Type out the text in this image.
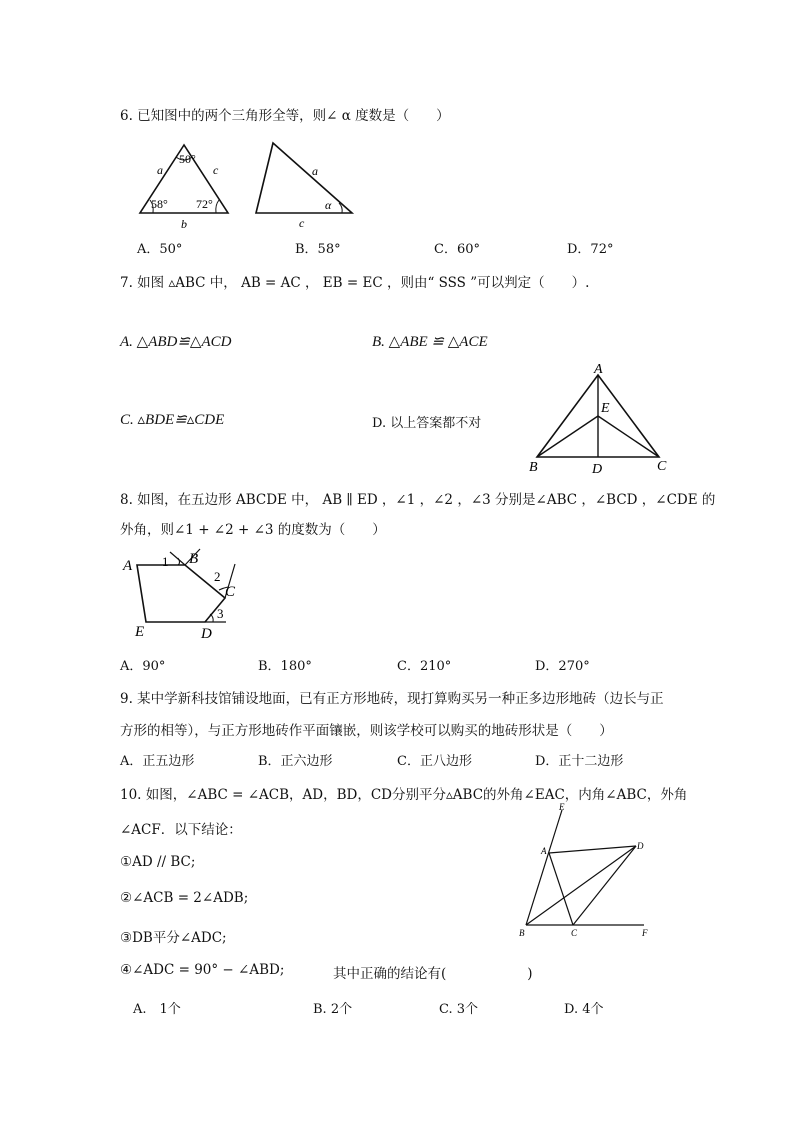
6. 已知图中的两个三角形全等，则∠ α 度数是（　　）
50°
58° 72°
a	c
b
a
c
α
A．50°	B．58°	C．60°	D．72°
7. 如图 ▵ABC 中， AB = AC ， EB = EC ，则由“ SSS ”可以判定（　　）.
A. △ABD≌△ACD	B. △ABE ≌ △ACE
C. ▵BDE≌▵CDE	D. 以上答案都不对
A
E
B	D	C
8. 如图，在五边形 ABCDE 中， AB ∥ ED ，∠1 ，∠2 ，∠3 分别是∠ABC ，∠BCD ，∠CDE 的
外角，则∠1 + ∠2 + ∠3 的度数为（　　）
A	B
C
D
E
1
2
3
A．90°	B．180°	C．210°	D．270°
9. 某中学新科技馆铺设地面，已有正方形地砖，现打算购买另一种正多边形地砖（边长与正
方形的相等），与正方形地砖作平面镶嵌，则该学校可以购买的地砖形状是（　　）
A．正五边形	B．正六边形	C．正八边形	D．正十二边形
10. 如图，∠ABC = ∠ACB，AD，BD，CD分别平分▵ABC的外角∠EAC，内角∠ABC，外角
∠ACF．以下结论：
①AD // BC;
②∠ACB = 2∠ADB;
③DB平分∠ADC;
④∠ADC = 90° − ∠ABD;	其中正确的结论有(　　　　　　)
E
A	D
B	C	F
A.　1个	B. 2个	C. 3个	D. 4个
